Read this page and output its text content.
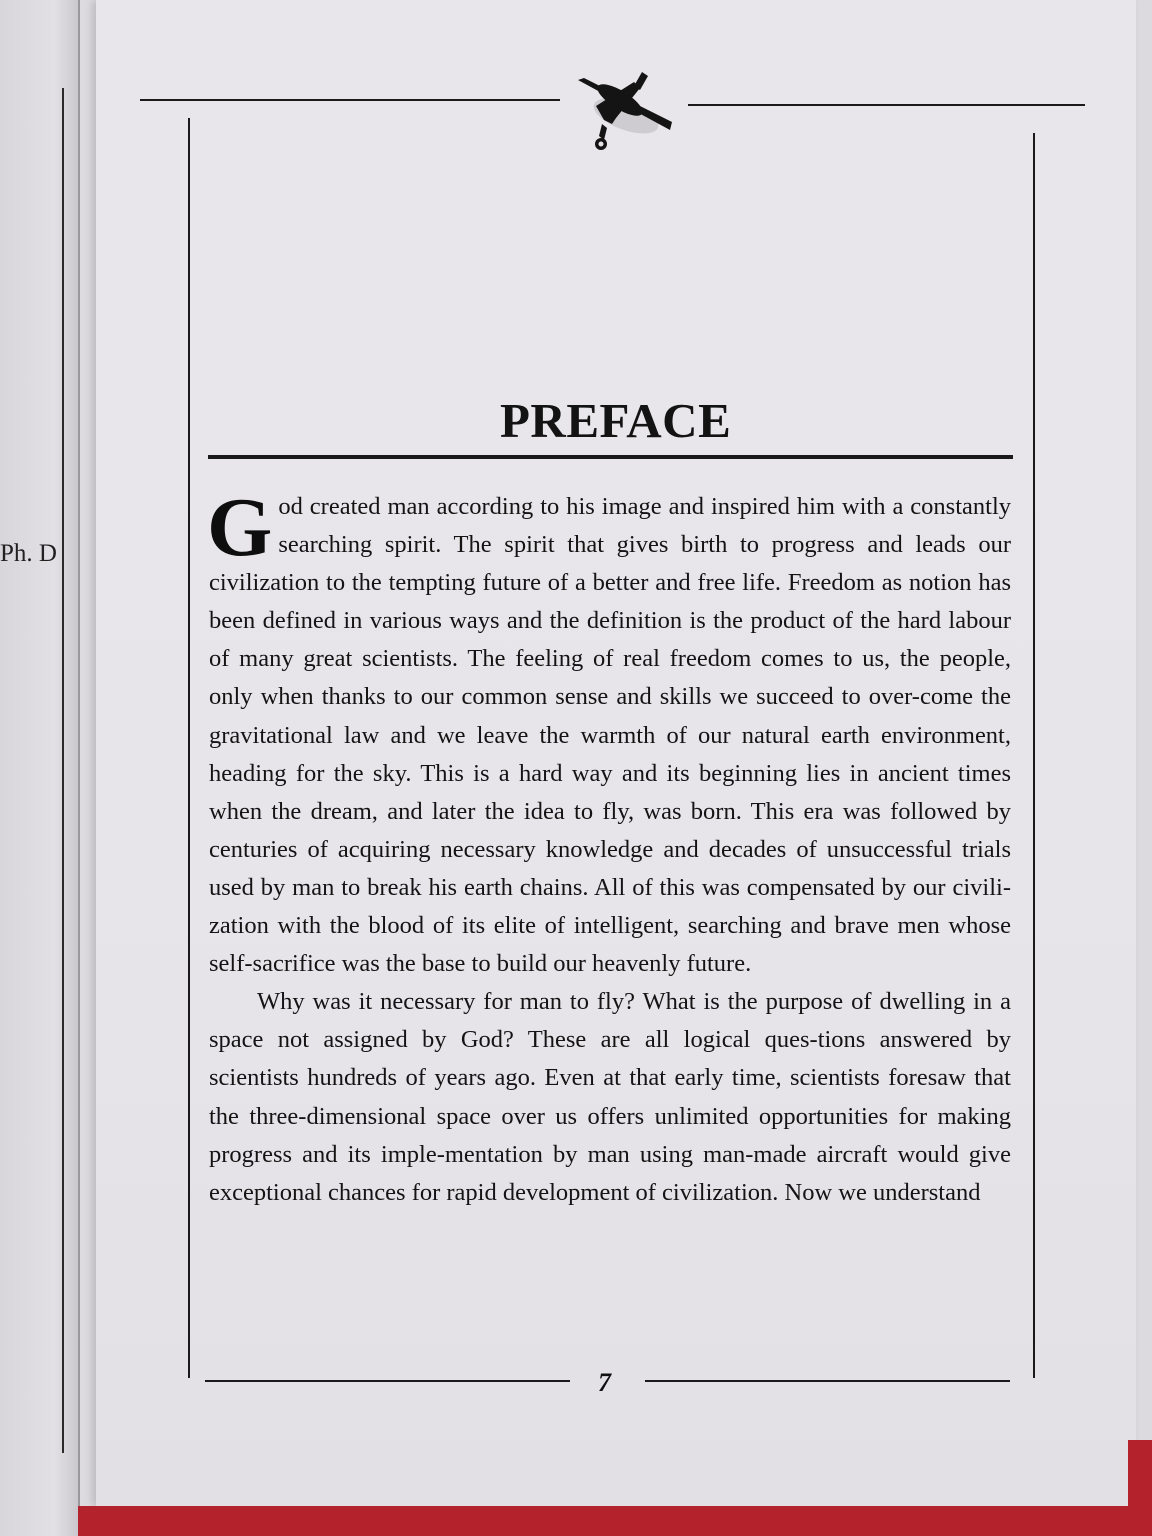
Ph. D

PREFACE

God created man according to his image and inspired him with a constantly searching spirit. The spirit that gives birth to progress and leads our civilization to the tempting future of a better and free life. Freedom as notion has been defined in various ways and the definition is the product of the hard labour of many great scientists. The feeling of real freedom comes to us, the people, only when thanks to our common sense and skills we succeed to over-come the gravitational law and we leave the warmth of our natural earth environment, heading for the sky. This is a hard way and its beginning lies in ancient times when the dream, and later the idea to fly, was born. This era was followed by centuries of acquiring necessary knowledge and decades of unsuccessful trials used by man to break his earth chains. All of this was compensated by our civili-zation with the blood of its elite of intelligent, searching and brave men whose self-sacrifice was the base to build our heavenly future.

Why was it necessary for man to fly? What is the purpose of dwelling in a space not assigned by God? These are all logical ques-tions answered by scientists hundreds of years ago. Even at that early time, scientists foresaw that the three-dimensional space over us offers unlimited opportunities for making progress and its imple-mentation by man using man-made aircraft would give exceptional chances for rapid development of civilization. Now we understand

7
